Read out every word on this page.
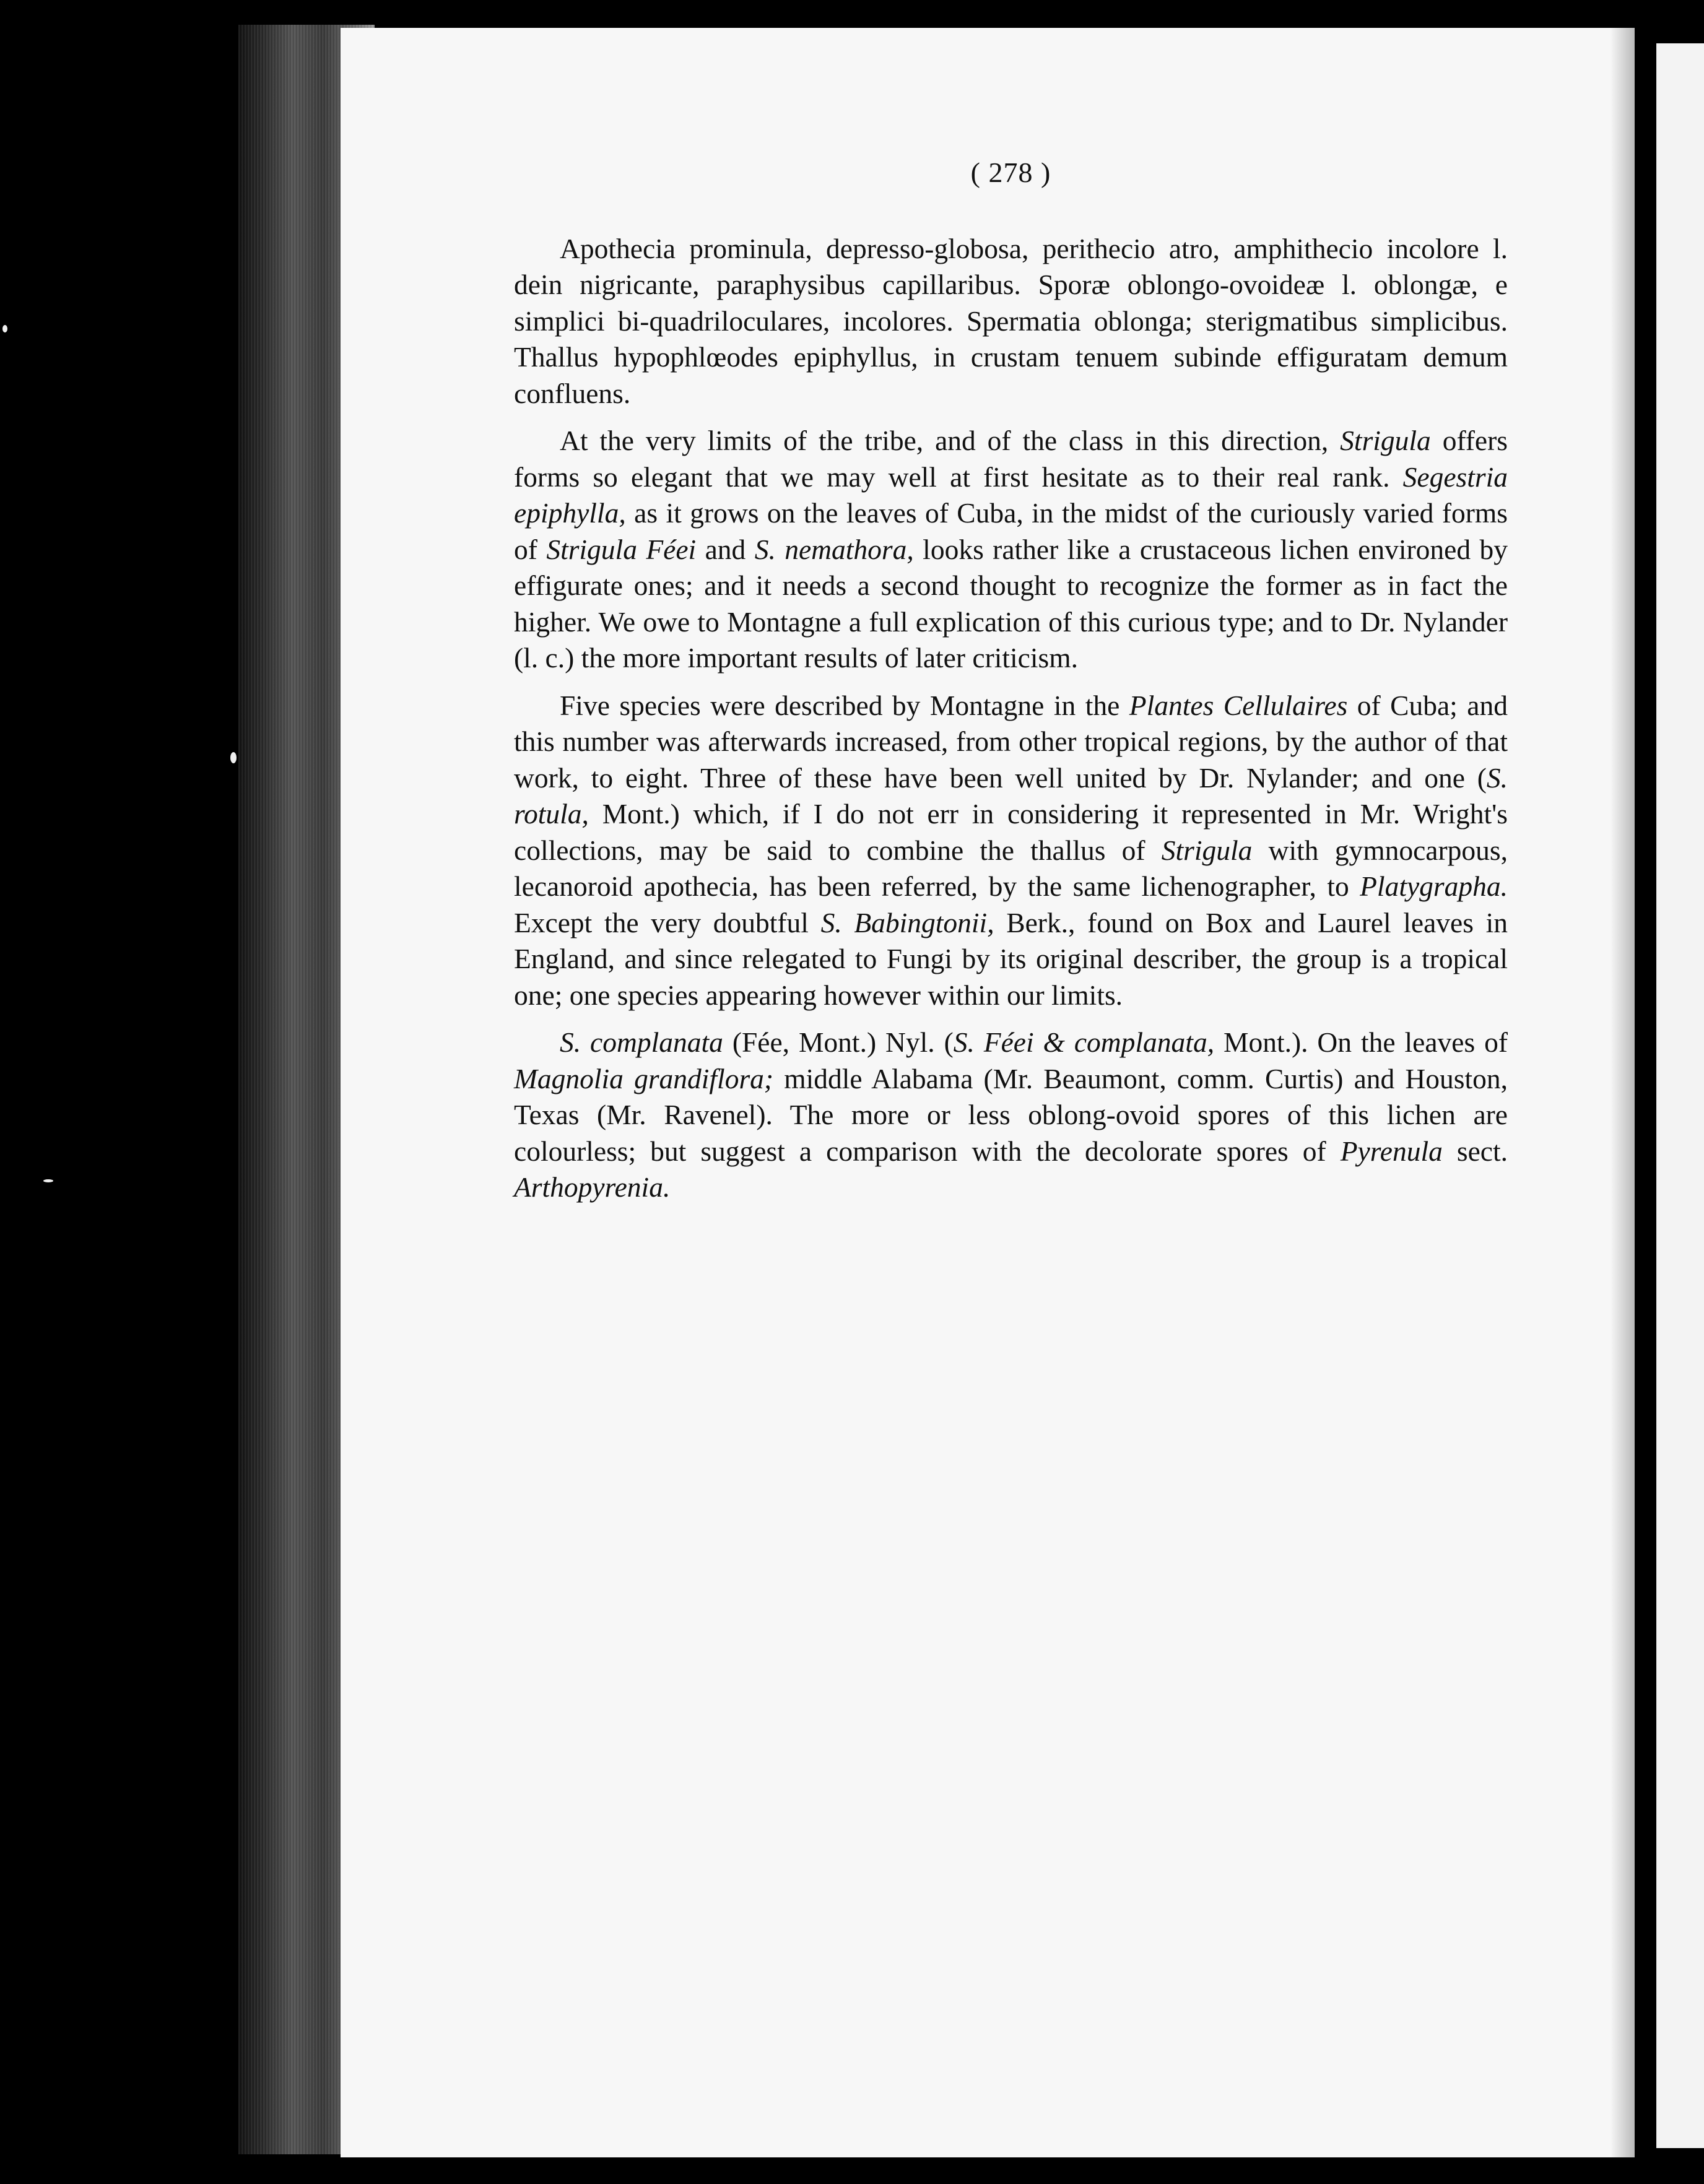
( 278 )

Apothecia prominula, depresso-globosa, perithecio atro, amphithecio incolore l. dein nigricante, paraphysibus capillaribus. Sporæ oblongo-ovoideæ l. oblongæ, e simplici bi-quadriloculares, incolores. Spermatia oblonga; sterigmatibus simplicibus. Thallus hypophlœodes epiphyllus, in crustam tenuem subinde effiguratam demum confluens.

At the very limits of the tribe, and of the class in this direction, Strigula offers forms so elegant that we may well at first hesitate as to their real rank. Segestria epiphylla, as it grows on the leaves of Cuba, in the midst of the curiously varied forms of Strigula Féei and S. nemathora, looks rather like a crustaceous lichen environed by effigurate ones; and it needs a second thought to recognize the former as in fact the higher. We owe to Montagne a full explication of this curious type; and to Dr. Nylander (l. c.) the more important results of later criticism.

Five species were described by Montagne in the Plantes Cellulaires of Cuba; and this number was afterwards increased, from other tropical regions, by the author of that work, to eight. Three of these have been well united by Dr. Nylander; and one (S. rotula, Mont.) which, if I do not err in considering it represented in Mr. Wright's collections, may be said to combine the thallus of Strigula with gymnocarpous, lecanoroid apothecia, has been referred, by the same lichenographer, to Platygrapha. Except the very doubtful S. Babingtonii, Berk., found on Box and Laurel leaves in England, and since relegated to Fungi by its original describer, the group is a tropical one; one species appearing however within our limits.

S. complanata (Fée, Mont.) Nyl. (S. Féei & complanata, Mont.). On the leaves of Magnolia grandiflora; middle Alabama (Mr. Beaumont, comm. Curtis) and Houston, Texas (Mr. Ravenel). The more or less oblong-ovoid spores of this lichen are colourless; but suggest a comparison with the decolorate spores of Pyrenula sect. Arthopyrenia.
